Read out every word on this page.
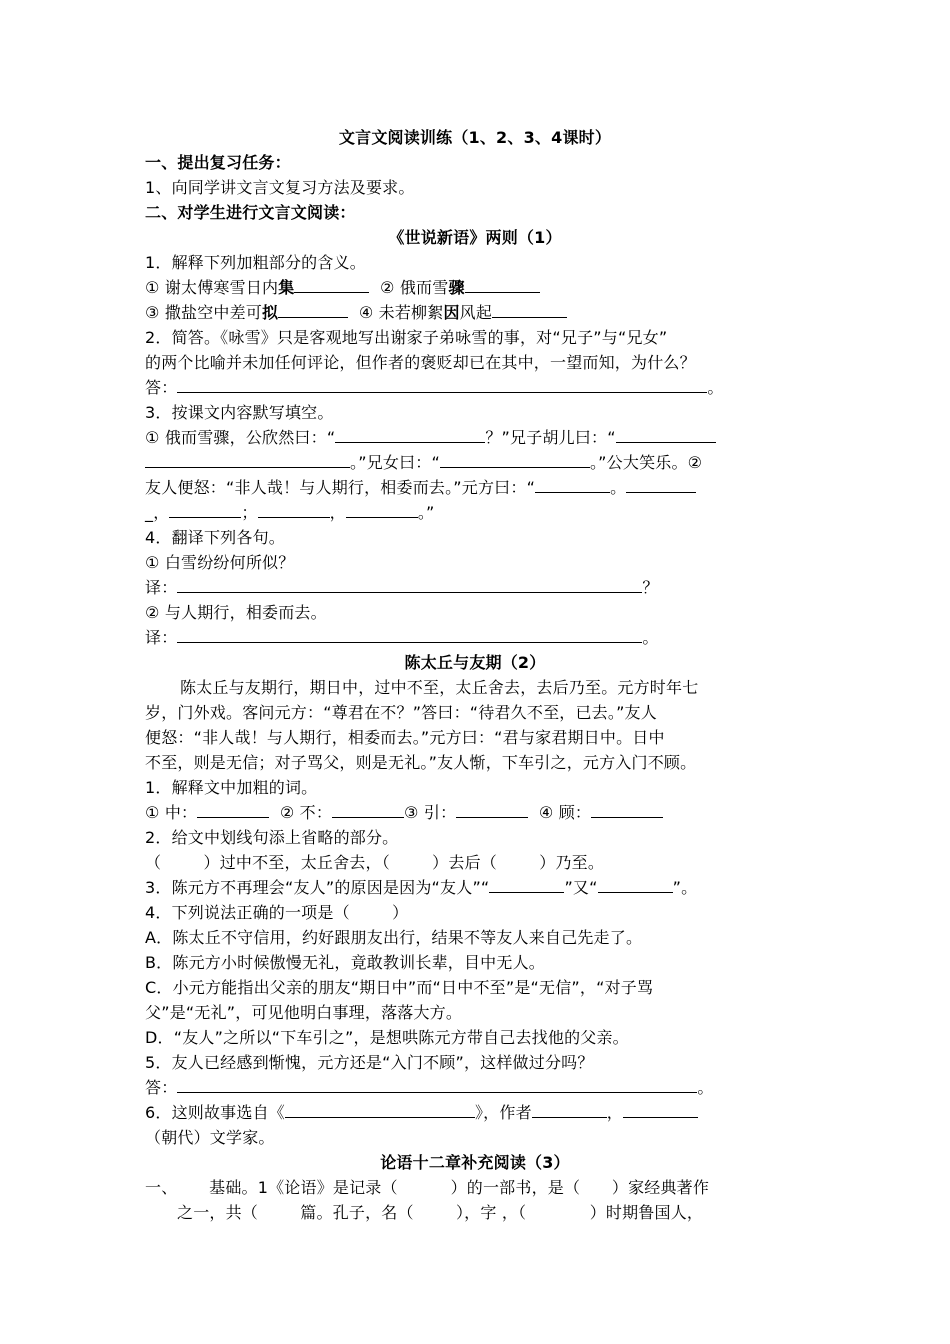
文言文阅读训练（1、2、3、4课时）
一、提出复习任务：
1、向同学讲文言文复习方法及要求。
二、对学生进行文言文阅读：
《世说新语》两则（1）
1．解释下列加粗部分的含义。
① 谢太傅寒雪日内集	② 俄而雪骤
③ 撒盐空中差可拟	④ 未若柳絮因风起
2．简答。《咏雪》只是客观地写出谢家子弟咏雪的事，对“兄子”与“兄女”
的两个比喻并未加任何评论，但作者的褒贬却已在其中，一望而知，为什么？
答：	。
3．按课文内容默写填空。
① 俄而雪骤，公欣然曰：“	？”兄子胡儿曰：“
。”兄女曰：“	。”公大笑乐。②
友人便怒：“非人哉！与人期行，相委而去。”元方曰：“	。
_，	；	，	。”
4．翻译下列各句。
① 白雪纷纷何所似？
译：	？
② 与人期行，相委而去。
译：	。
陈太丘与友期（2）
陈太丘与友期行，期日中，过中不至，太丘舍去，去后乃至。元方时年七
岁，门外戏。客问元方：“尊君在不？”答曰：“待君久不至，已去。”友人
便怒：“非人哉！与人期行，相委而去。”元方曰：“君与家君期日中。日中
不至，则是无信；对子骂父，则是无礼。”友人惭，下车引之，元方入门不顾。
1．解释文中加粗的词。
① 中：	② 不：	③ 引：	④ 顾：
2．给文中划线句添上省略的部分。
（        ）过中不至，太丘舍去，（        ）去后（        ）乃至。
3．陈元方不再理会“友人”的原因是因为“友人”“	”又“	”。
4．下列说法正确的一项是（        ）
A．陈太丘不守信用，约好跟朋友出行，结果不等友人来自己先走了。
B．陈元方小时候傲慢无礼，竟敢教训长辈，目中无人。
C．小元方能指出父亲的朋友“期日中”而“日中不至”是“无信”，“对子骂
父”是“无礼”，可见他明白事理，落落大方。
D．“友人”之所以“下车引之”，是想哄陈元方带自己去找他的父亲。
5．友人已经感到惭愧，元方还是“入门不顾”，这样做过分吗？
答：	。
6．这则故事选自《	》，作者	，
（朝代）文学家。
论语十二章补充阅读（3）
一、 基础。1《论语》是记录（          ）的一部书，是（      ）家经典著作
之一，共（        篇。孔子，名（        ），字 ，（            ）时期鲁国人，
